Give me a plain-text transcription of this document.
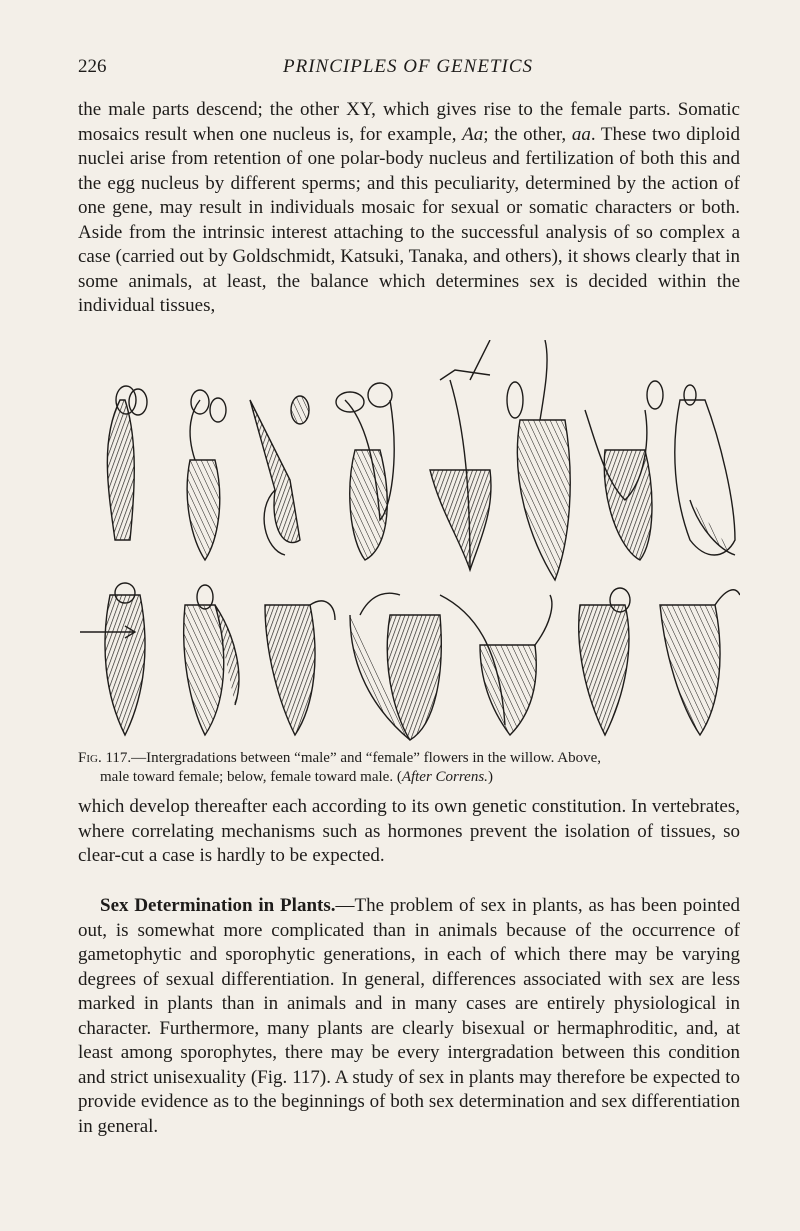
226	PRINCIPLES OF GENETICS

the male parts descend; the other XY, which gives rise to the female parts. Somatic mosaics result when one nucleus is, for example, Aa; the other, aa. These two diploid nuclei arise from retention of one polar-body nucleus and fertilization of both this and the egg nucleus by different sperms; and this peculiarity, determined by the action of one gene, may result in individuals mosaic for sexual or somatic characters or both. Aside from the intrinsic interest attaching to the successful analysis of so complex a case (carried out by Goldschmidt, Katsuki, Tanaka, and others), it shows clearly that in some animals, at least, the balance which determines sex is decided within the individual tissues,

Fig. 117.—Intergradations between “male” and “female” flowers in the willow. Above,
male toward female; below, female toward male. (After Correns.)

which develop thereafter each according to its own genetic constitution. In vertebrates, where correlating mechanisms such as hormones prevent the isolation of tissues, so clear-cut a case is hardly to be expected.

Sex Determination in Plants.—The problem of sex in plants, as has been pointed out, is somewhat more complicated than in animals because of the occurrence of gametophytic and sporophytic generations, in each of which there may be varying degrees of sexual differentiation. In general, differences associated with sex are less marked in plants than in animals and in many cases are entirely physiological in character. Furthermore, many plants are clearly bisexual or hermaphroditic, and, at least among sporophytes, there may be every intergradation between this condition and strict unisexuality (Fig. 117). A study of sex in plants may therefore be expected to provide evidence as to the beginnings of both sex determination and sex differentiation in general.
